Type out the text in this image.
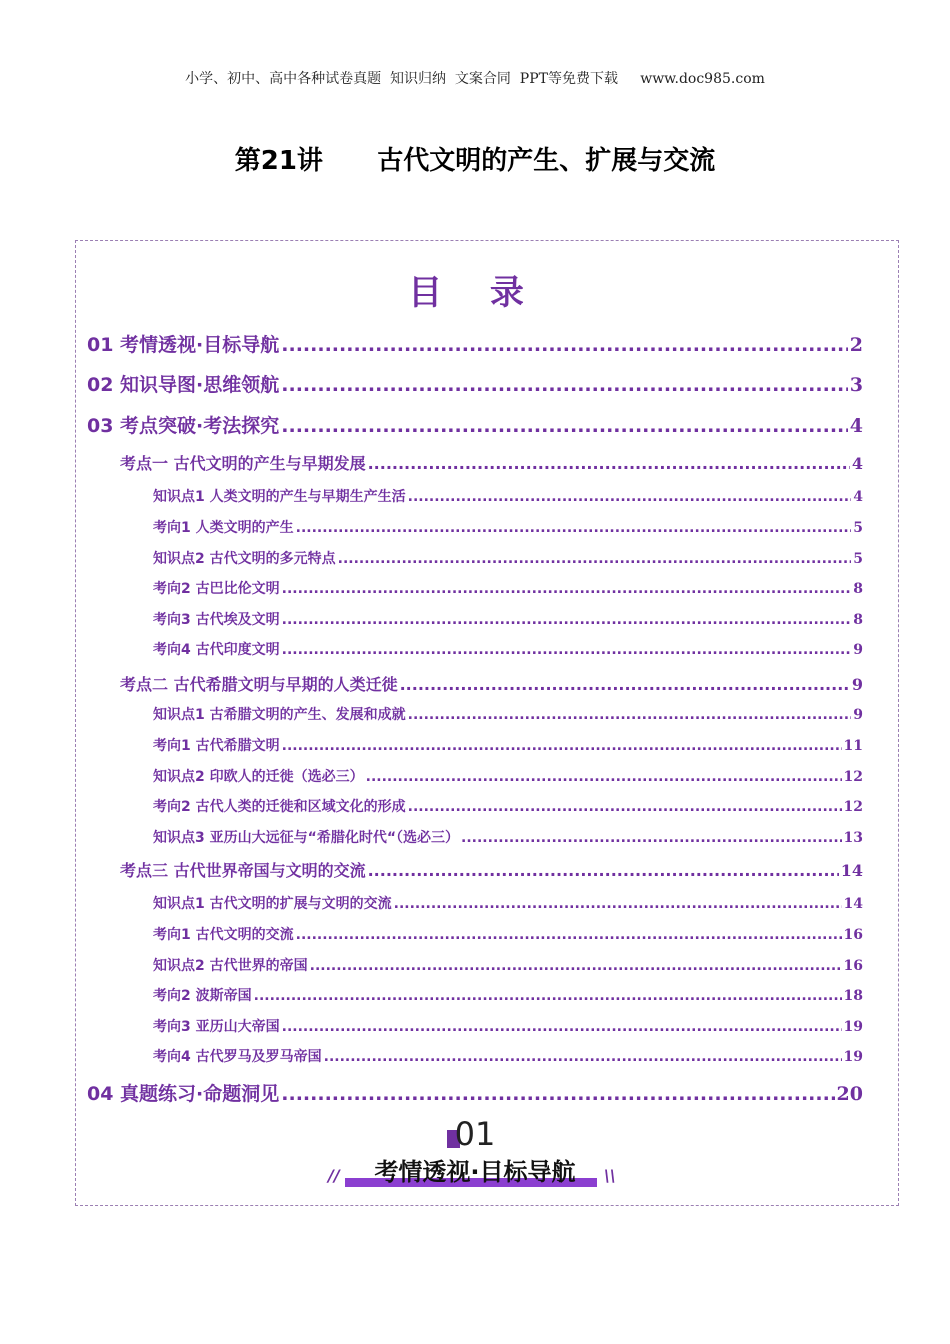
小学、初中、高中各种试卷真题  知识归纳  文案合同  PPT等免费下载     www.doc985.com
第21讲      古代文明的产生、扩展与交流
目 录
01 考情透视·目标导航 .....	2
02 知识导图·思维领航 .....	3
03 考点突破·考法探究 .....	4
考点一 古代文明的产生与早期发展 .....	4
知识点1 人类文明的产生与早期生产生活 .....	4
考向1 人类文明的产生 .....	5
知识点2 古代文明的多元特点 .....	5
考向2 古巴比伦文明 .....	8
考向3 古代埃及文明 .....	8
考向4 古代印度文明 .....	9
考点二 古代希腊文明与早期的人类迁徙 .....	9
知识点1 古希腊文明的产生、发展和成就 .....	9
考向1 古代希腊文明 .....	11
知识点2 印欧人的迁徙（选必三） .....	12
考向2 古代人类的迁徙和区域文化的形成 .....	12
知识点3 亚历山大远征与“希腊化时代“（选必三） .....	13
考点三 古代世界帝国与文明的交流 .....	14
知识点1 古代文明的扩展与文明的交流 .....	14
考向1 古代文明的交流 .....	16
知识点2 古代世界的帝国 .....	16
考向2 波斯帝国 .....	18
考向3 亚历山大帝国 .....	19
考向4 古代罗马及罗马帝国 .....	19
04 真题练习·命题洞见 .....	20
01
考情透视·目标导航
//	\\
